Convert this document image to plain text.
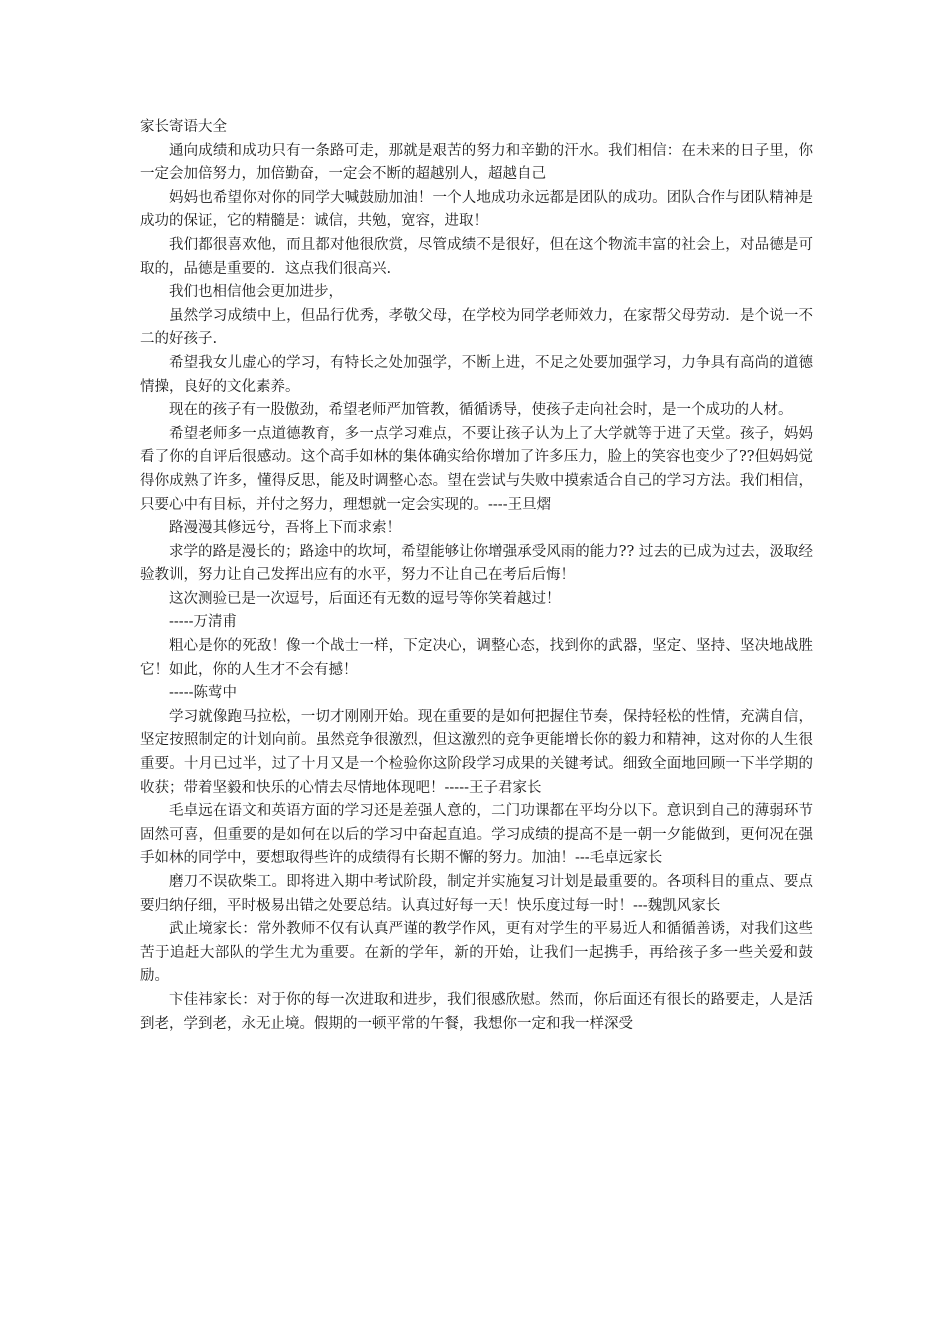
家长寄语大全

通向成绩和成功只有一条路可走，那就是艰苦的努力和辛勤的汗水。我们相信：在未来的日子里，你一定会加倍努力，加倍勤奋，一定会不断的超越别人，超越自己

妈妈也希望你对你的同学大喊鼓励加油！一个人地成功永远都是团队的成功。团队合作与团队精神是成功的保证，它的精髓是：诚信，共勉，宽容，进取！

我们都很喜欢他，而且都对他很欣赏，尽管成绩不是很好，但在这个物流丰富的社会上，对品德是可取的，品德是重要的．这点我们很高兴.

我们也相信他会更加进步，

虽然学习成绩中上，但品行优秀，孝敬父母，在学校为同学老师效力，在家帮父母劳动．是个说一不二的好孩子.

希望我女儿虚心的学习，有特长之处加强学，不断上进，不足之处要加强学习，力争具有高尚的道德情操，良好的文化素养。

现在的孩子有一股傲劲，希望老师严加管教，循循诱导，使孩子走向社会时，是一个成功的人材。

希望老师多一点道德教育，多一点学习难点，不要让孩子认为上了大学就等于进了天堂。孩子，妈妈看了你的自评后很感动。这个高手如林的集体确实给你增加了许多压力，脸上的笑容也变少了??但妈妈觉得你成熟了许多，懂得反思，能及时调整心态。望在尝试与失败中摸索适合自己的学习方法。我们相信，只要心中有目标，并付之努力，理想就一定会实现的。----王旦熠

路漫漫其修远兮，吾将上下而求索！

求学的路是漫长的；路途中的坎坷，希望能够让你增强承受风雨的能力?? 过去的已成为过去，汲取经验教训，努力让自己发挥出应有的水平，努力不让自己在考后后悔！

这次测验已是一次逗号，后面还有无数的逗号等你笑着越过！

-----万清甫

粗心是你的死敌！像一个战士一样，下定决心，调整心态，找到你的武器，坚定、坚持、坚决地战胜它！如此，你的人生才不会有撼！

-----陈莺中

学习就像跑马拉松，一切才刚刚开始。现在重要的是如何把握住节奏，保持轻松的性情，充满自信，坚定按照制定的计划向前。虽然竞争很激烈，但这激烈的竞争更能增长你的毅力和精神，这对你的人生很重要。十月已过半，过了十月又是一个检验你这阶段学习成果的关键考试。细致全面地回顾一下半学期的收获；带着坚毅和快乐的心情去尽情地体现吧！-----王子君家长

毛卓远在语文和英语方面的学习还是差强人意的，二门功课都在平均分以下。意识到自己的薄弱环节固然可喜，但重要的是如何在以后的学习中奋起直追。学习成绩的提高不是一朝一夕能做到，更何况在强手如林的同学中，要想取得些许的成绩得有长期不懈的努力。加油！---毛卓远家长

磨刀不误砍柴工。即将进入期中考试阶段，制定并实施复习计划是最重要的。各项科目的重点、要点要归纳仔细，平时极易出错之处要总结。认真过好每一天！快乐度过每一时！---魏凯风家长

武止境家长：常外教师不仅有认真严谨的教学作风，更有对学生的平易近人和循循善诱，对我们这些苦于追赶大部队的学生尤为重要。在新的学年，新的开始，让我们一起携手，再给孩子多一些关爱和鼓励。

卞佳祎家长：对于你的每一次进取和进步，我们很感欣慰。然而，你后面还有很长的路要走，人是活到老，学到老，永无止境。假期的一顿平常的午餐，我想你一定和我一样深受
